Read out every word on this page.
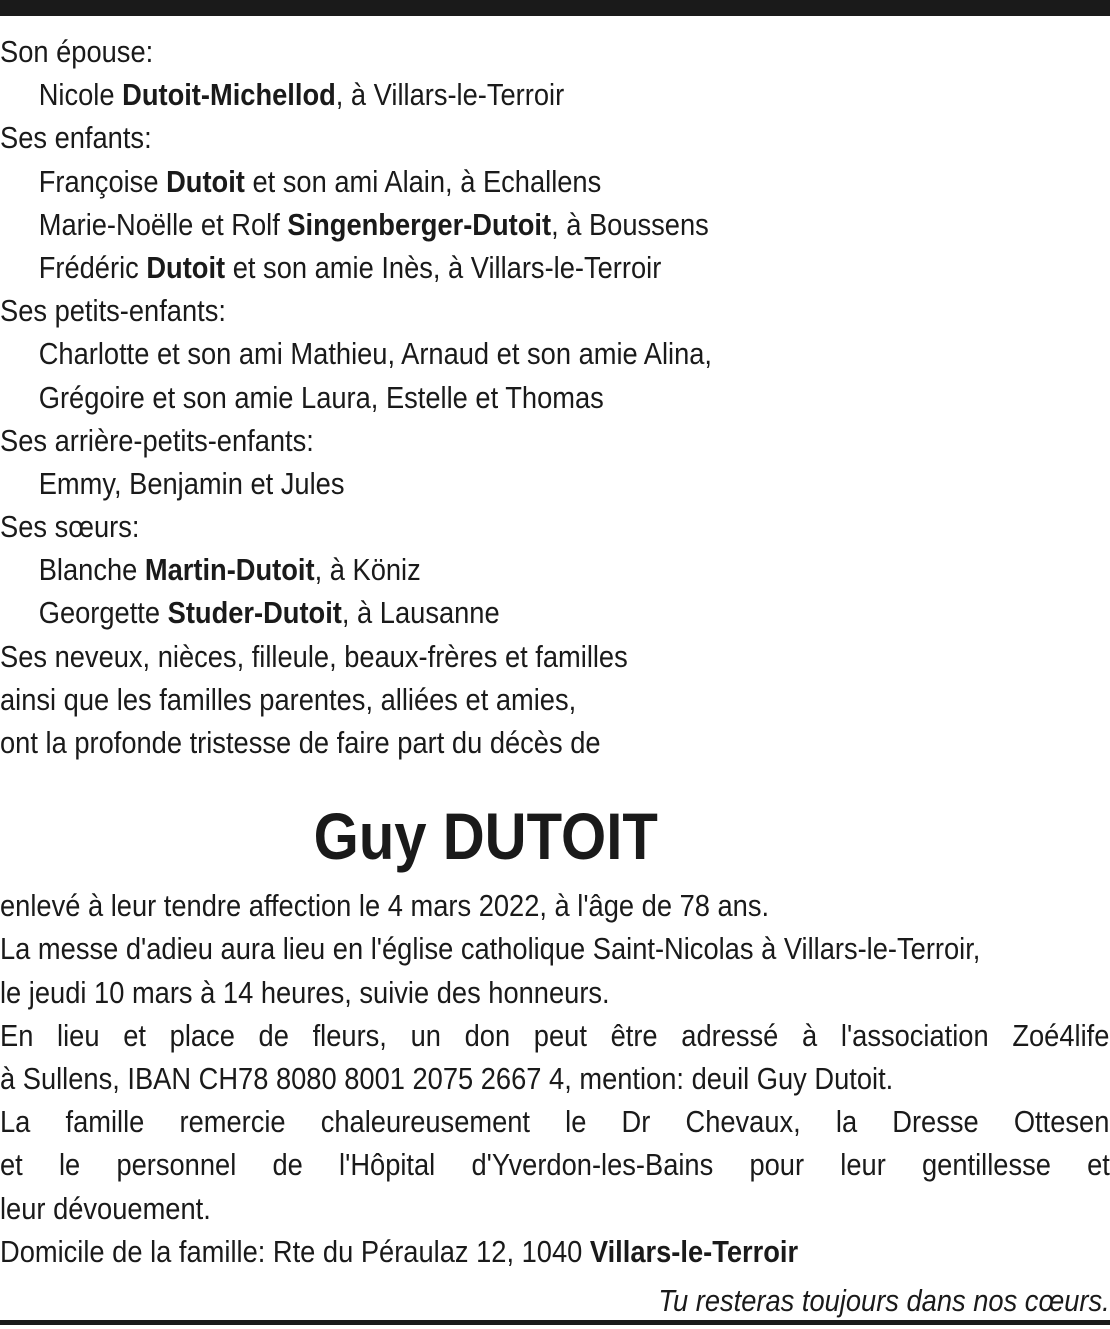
Son épouse:
Nicole Dutoit-Michellod, à Villars-le-Terroir
Ses enfants:
Françoise Dutoit et son ami Alain, à Echallens
Marie-Noëlle et Rolf Singenberger-Dutoit, à Boussens
Frédéric Dutoit et son amie Inès, à Villars-le-Terroir
Ses petits-enfants:
Charlotte et son ami Mathieu, Arnaud et son amie Alina,
Grégoire et son amie Laura, Estelle et Thomas
Ses arrière-petits-enfants:
Emmy, Benjamin et Jules
Ses sœurs:
Blanche Martin-Dutoit, à Köniz
Georgette Studer-Dutoit, à Lausanne
Ses neveux, nièces, filleule, beaux-frères et familles
ainsi que les familles parentes, alliées et amies,
ont la profonde tristesse de faire part du décès de
Guy DUTOIT
enlevé à leur tendre affection le 4 mars 2022, à l'âge de 78 ans.
La messe d'adieu aura lieu en l'église catholique Saint-Nicolas à Villars-le-Terroir,
le jeudi 10 mars à 14 heures, suivie des honneurs.
En lieu et place de fleurs, un don peut être adressé à l'association Zoé4life
à Sullens, IBAN CH78 8080 8001 2075 2667 4, mention: deuil Guy Dutoit.
La famille remercie chaleureusement le Dr Chevaux, la Dresse Ottesen
et le personnel de l'Hôpital d'Yverdon-les-Bains pour leur gentillesse et
leur dévouement.
Domicile de la famille: Rte du Péraulaz 12, 1040 Villars-le-Terroir
Tu resteras toujours dans nos cœurs.
